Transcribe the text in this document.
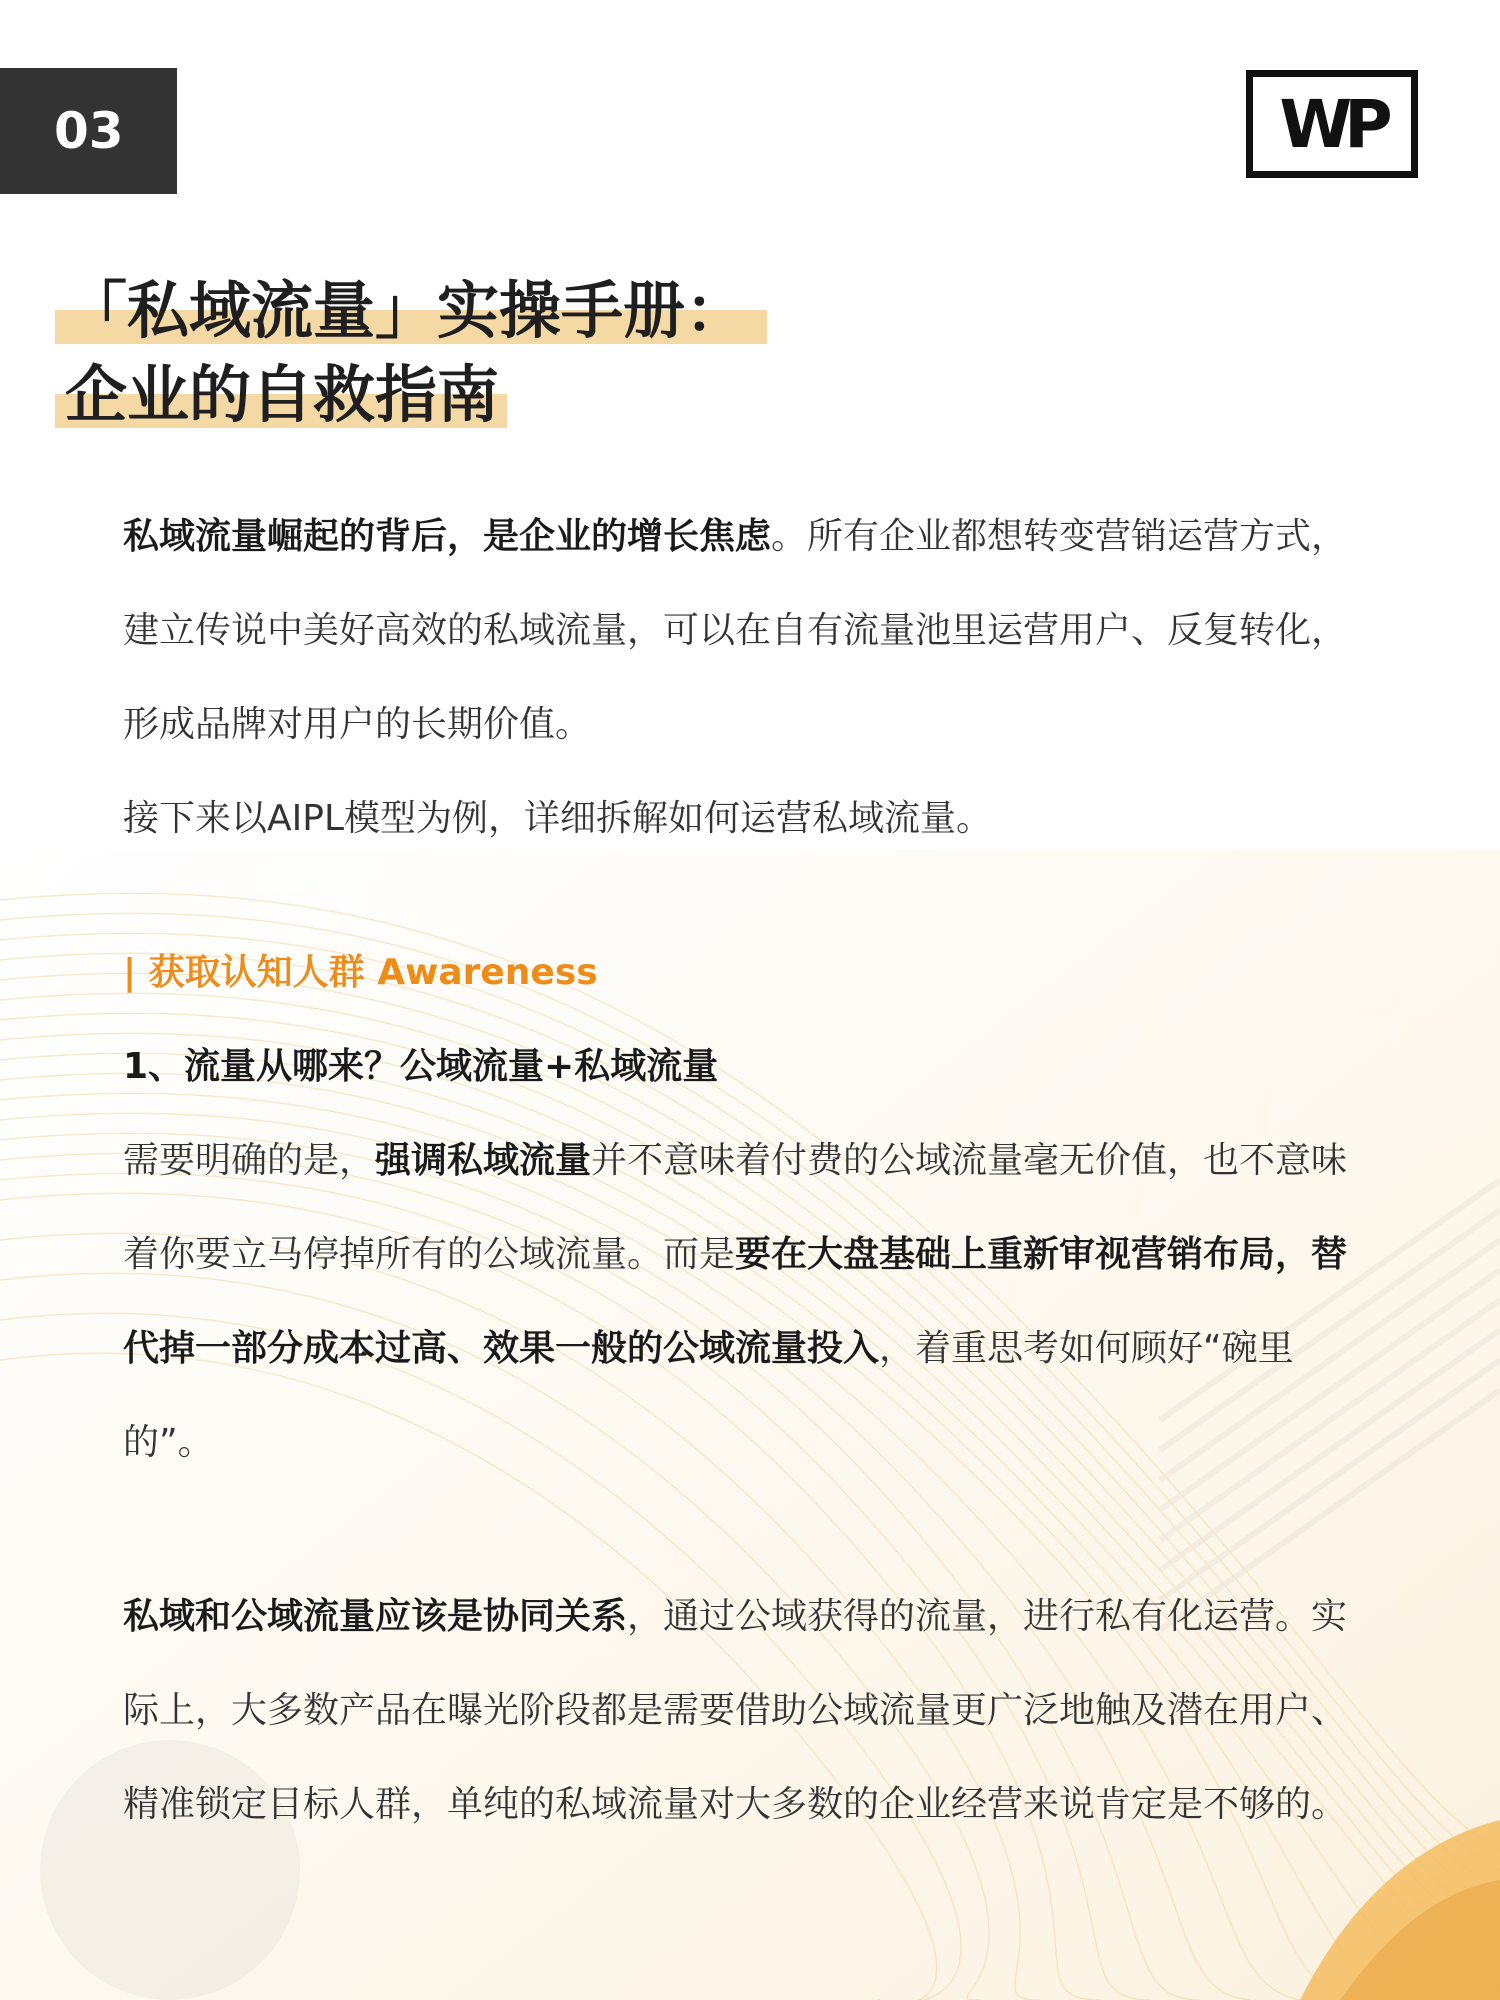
03	WP
「私域流量」实操手册：
企业的自救指南

私域流量崛起的背后，是企业的增长焦虑。所有企业都想转变营销运营方式，建立传说中美好高效的私域流量，可以在自有流量池里运营用户、反复转化，形成品牌对用户的长期价值。

接下来以AIPL模型为例，详细拆解如何运营私域流量。

| 获取认知人群 Awareness
1、流量从哪来？公域流量+私域流量

需要明确的是，强调私域流量并不意味着付费的公域流量毫无价值，也不意味着你要立马停掉所有的公域流量。而是要在大盘基础上重新审视营销布局，替代掉一部分成本过高、效果一般的公域流量投入，着重思考如何顾好“碗里的”。

私域和公域流量应该是协同关系，通过公域获得的流量，进行私有化运营。实际上，大多数产品在曝光阶段都是需要借助公域流量更广泛地触及潜在用户、精准锁定目标人群，单纯的私域流量对大多数的企业经营来说肯定是不够的。
